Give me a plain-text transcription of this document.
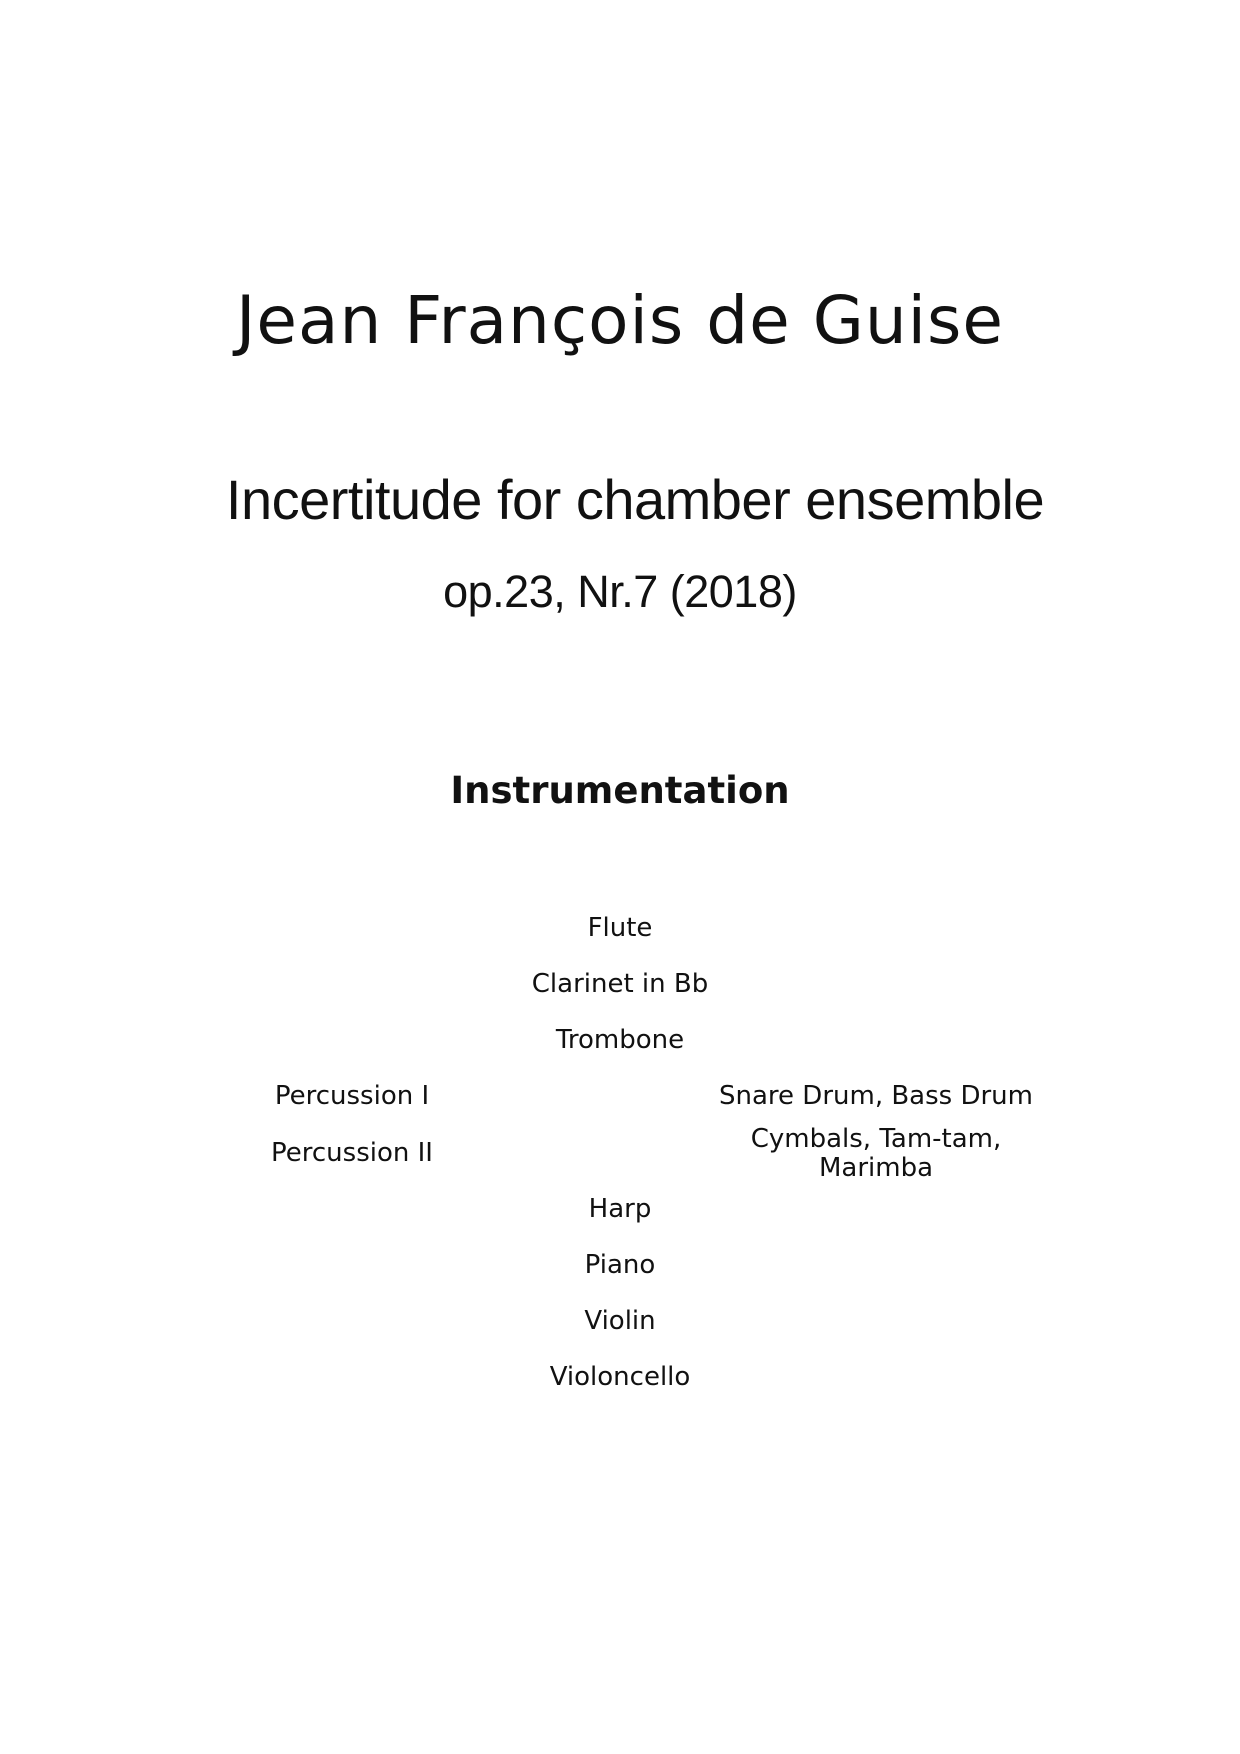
Jean François de Guise
Incertitude for chamber ensemble
op.23, Nr.7 (2018)
Instrumentation
Flute
Clarinet in Bb
Trombone
Percussion I	Snare Drum, Bass Drum
Percussion II	Cymbals, Tam-tam,
Marimba
Harp
Piano
Violin
Violoncello
